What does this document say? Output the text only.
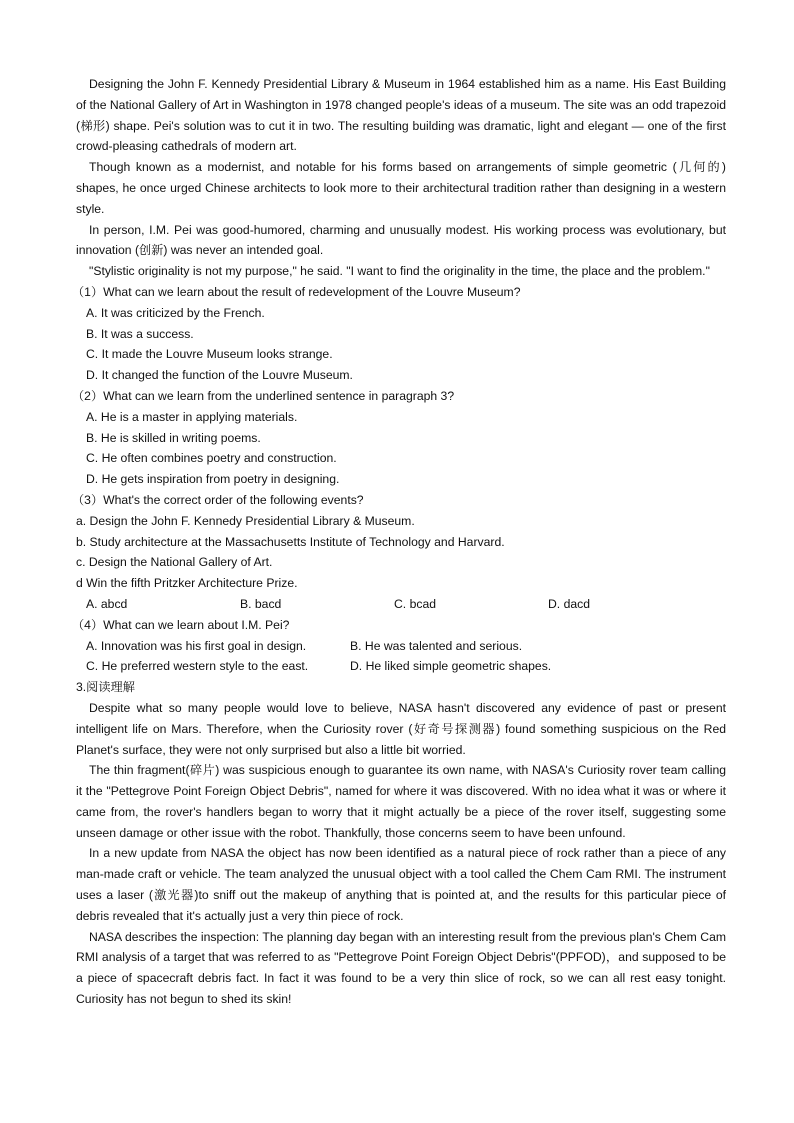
Designing the John F. Kennedy Presidential Library & Museum in 1964 established him as a name. His East Building of the National Gallery of Art in Washington in 1978 changed people's ideas of a museum. The site was an odd trapezoid (梯形) shape. Pei's solution was to cut it in two. The resulting building was dramatic, light and elegant — one of the first crowd-pleasing cathedrals of modern art.

Though known as a modernist, and notable for his forms based on arrangements of simple geometric (几何的) shapes, he once urged Chinese architects to look more to their architectural tradition rather than designing in a western style.

In person, I.M. Pei was good-humored, charming and unusually modest. His working process was evolutionary, but innovation (创新) was never an intended goal.

"Stylistic originality is not my purpose," he said. "I want to find the originality in the time, the place and the problem."

（1）What can we learn about the result of redevelopment of the Louvre Museum?

A. It was criticized by the French.

B. It was a success.

C. It made the Louvre Museum looks strange.

D. It changed the function of the Louvre Museum.

（2）What can we learn from the underlined sentence in paragraph 3?

A. He is a master in applying materials.

B. He is skilled in writing poems.

C. He often combines poetry and construction.

D. He gets inspiration from poetry in designing.

（3）What's the correct order of the following events?

a. Design the John F. Kennedy Presidential Library & Museum.

b. Study architecture at the Massachusetts Institute of Technology and Harvard.

c. Design the National Gallery of Art.

d Win the fifth Pritzker Architecture Prize.

A. abcd	B. bacd	C. bcad	D. dacd

（4）What can we learn about I.M. Pei?

A. Innovation was his first goal in design.	B. He was talented and serious.
C. He preferred western style to the east.	D. He liked simple geometric shapes.

3.阅读理解

Despite what so many people would love to believe, NASA hasn't discovered any evidence of past or present intelligent life on Mars. Therefore, when the Curiosity rover (好奇号探测器) found something suspicious on the Red Planet's surface, they were not only surprised but also a little bit worried.

The thin fragment(碎片) was suspicious enough to guarantee its own name, with NASA's Curiosity rover team calling it the "Pettegrove Point Foreign Object Debris", named for where it was discovered. With no idea what it was or where it came from, the rover's handlers began to worry that it might actually be a piece of the rover itself, suggesting some unseen damage or other issue with the robot. Thankfully, those concerns seem to have been unfound.

In a new update from NASA the object has now been identified as a natural piece of rock rather than a piece of any man-made craft or vehicle. The team analyzed the unusual object with a tool called the Chem Cam RMI. The instrument uses a laser (激光器)to sniff out the makeup of anything that is pointed at, and the results for this particular piece of debris revealed that it's actually just a very thin piece of rock.

NASA describes the inspection: The planning day began with an interesting result from the previous plan's Chem Cam RMI analysis of a target that was referred to as "Pettegrove Point Foreign Object Debris"(PPFOD)，and supposed to be a piece of spacecraft debris fact. In fact it was found to be a very thin slice of rock, so we can all rest easy tonight. Curiosity has not begun to shed its skin!
